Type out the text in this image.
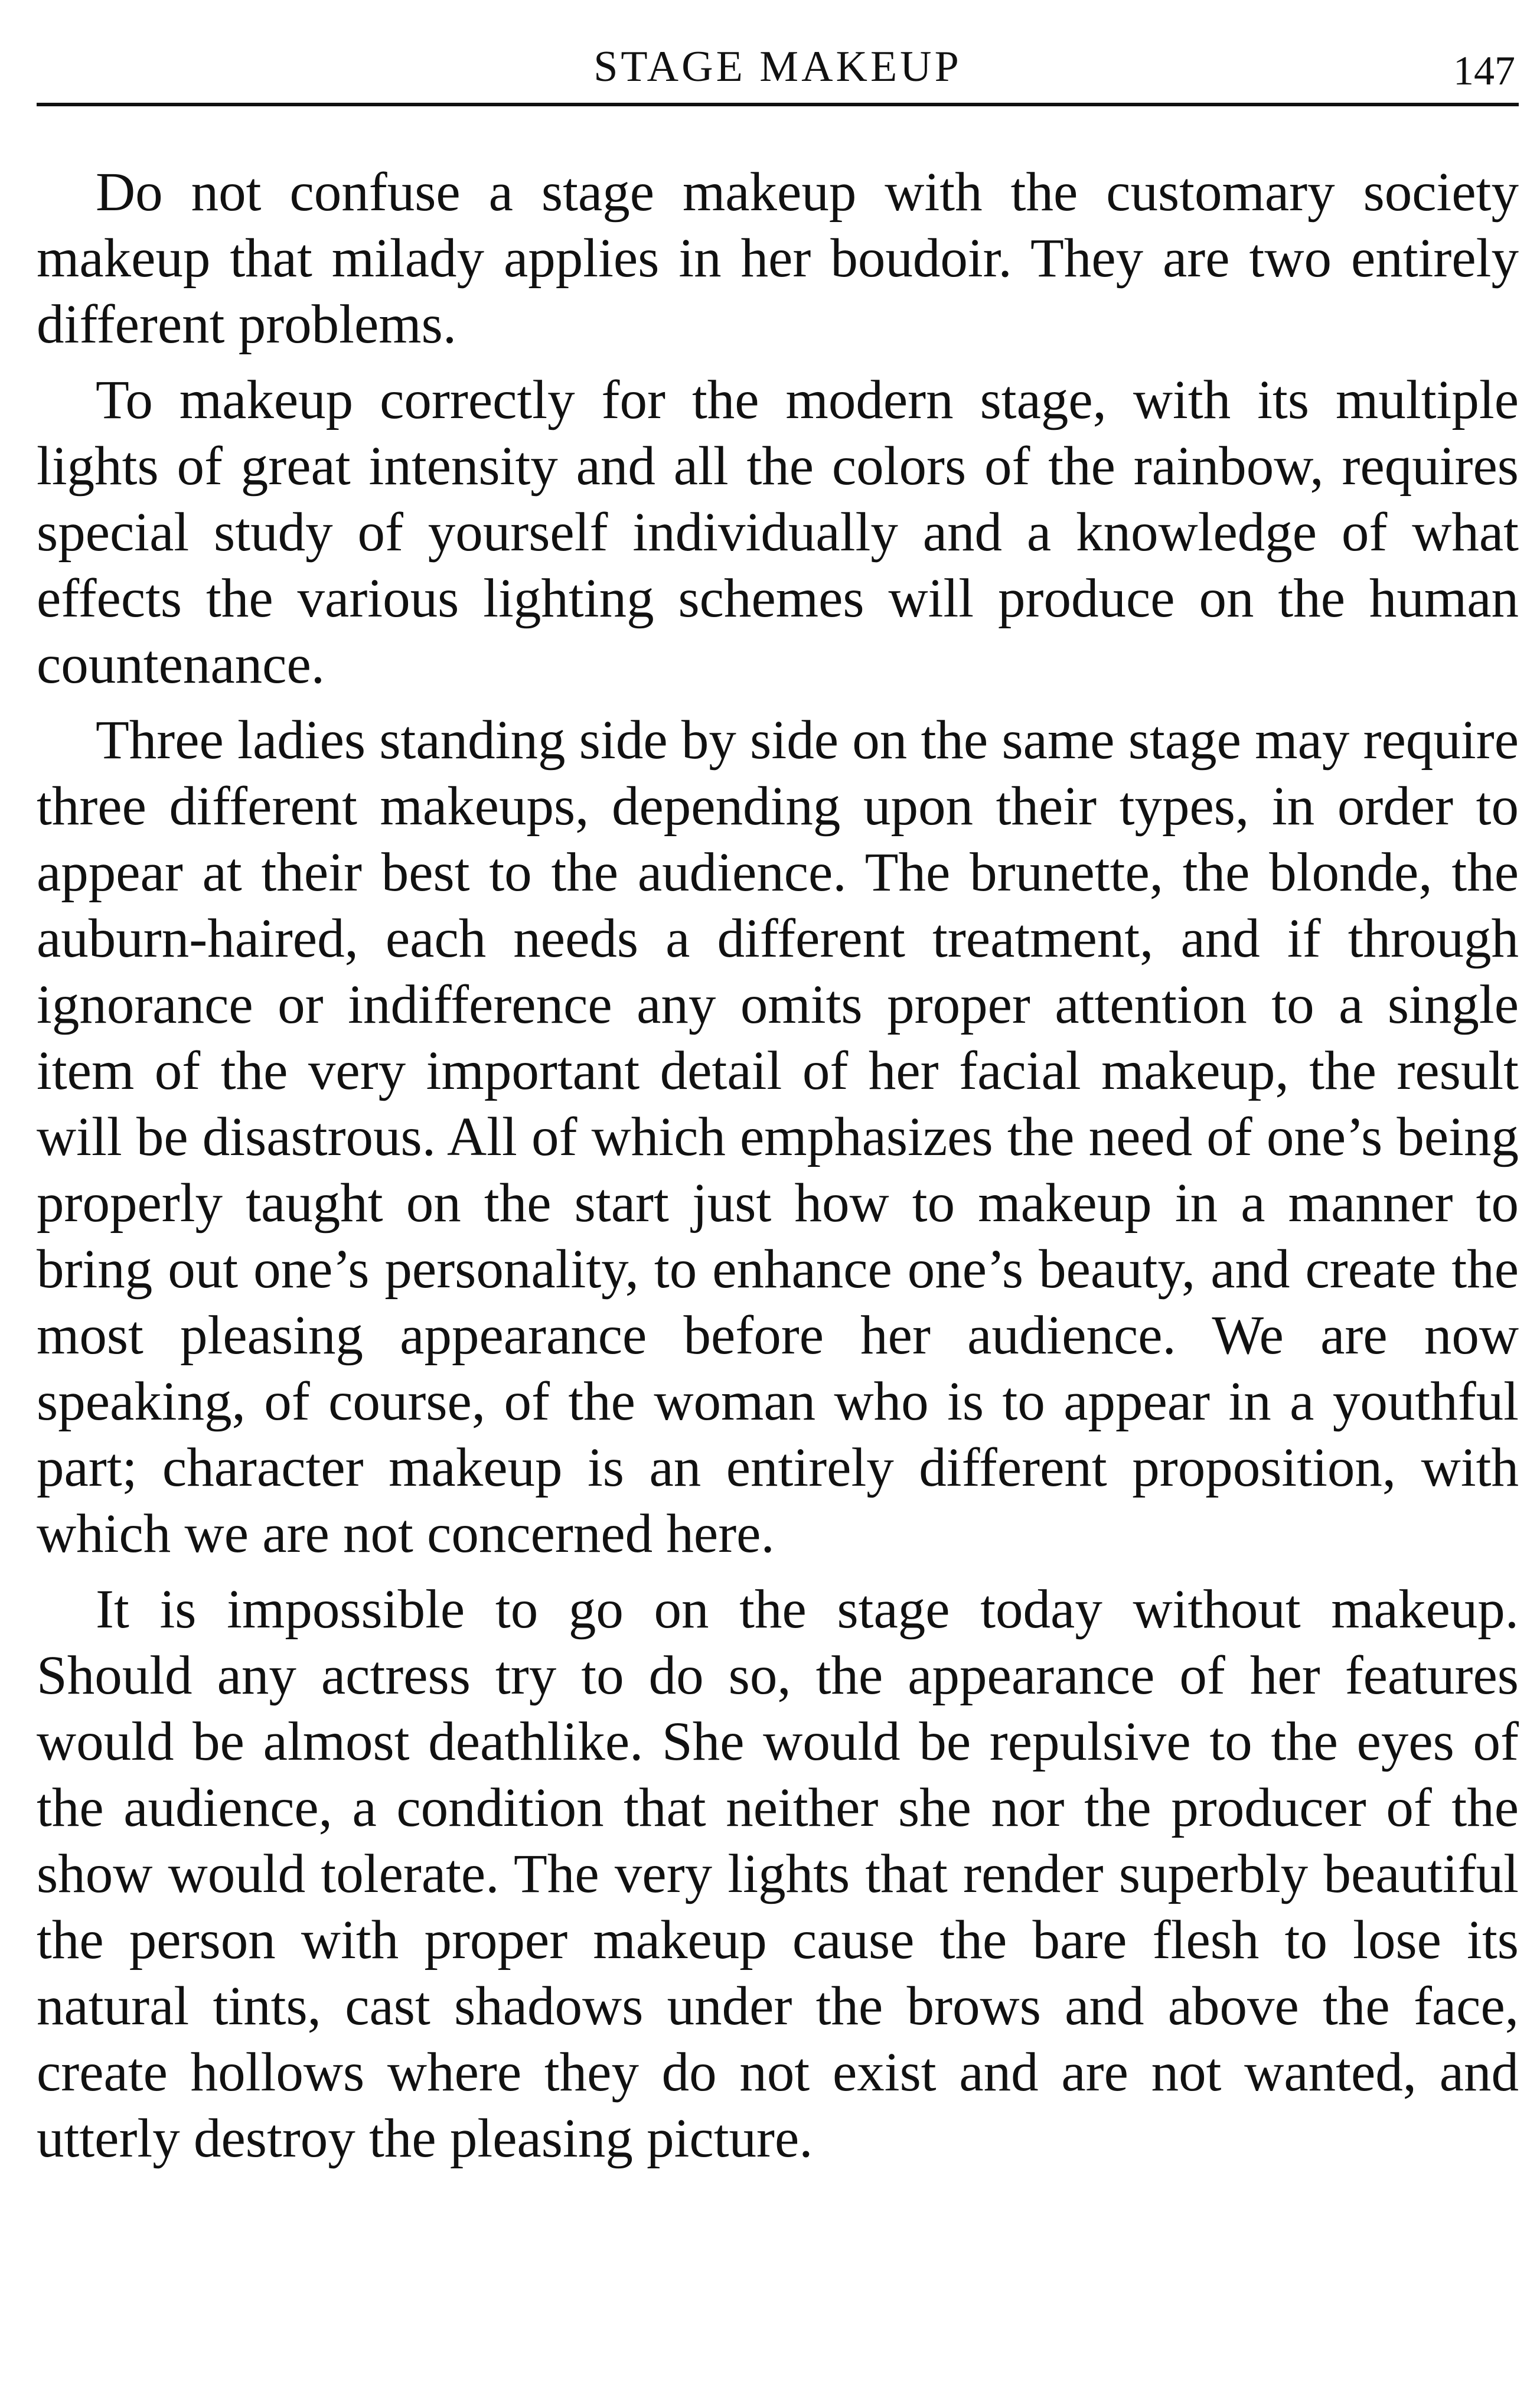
STAGE MAKEUP	147

Do not confuse a stage makeup with the customary society makeup that milady applies in her boudoir. They are two entirely different problems.

To makeup correctly for the modern stage, with its multiple lights of great intensity and all the colors of the rainbow, requires special study of yourself individually and a knowledge of what effects the various lighting schemes will produce on the human countenance.

Three ladies standing side by side on the same stage may require three different makeups, depending upon their types, in order to appear at their best to the audience. The brunette, the blonde, the auburn-haired, each needs a different treatment, and if through ignorance or indifference any omits proper attention to a single item of the very important detail of her facial makeup, the result will be disastrous. All of which emphasizes the need of one’s being properly taught on the start just how to makeup in a manner to bring out one’s personality, to enhance one’s beauty, and create the most pleasing appearance before her audience. We are now speaking, of course, of the woman who is to appear in a youthful part; character makeup is an entirely different proposition, with which we are not concerned here.

It is impossible to go on the stage today without makeup. Should any actress try to do so, the appearance of her features would be almost deathlike. She would be repulsive to the eyes of the audience, a condition that neither she nor the producer of the show would tolerate. The very lights that render superbly beautiful the person with proper makeup cause the bare flesh to lose its natural tints, cast shadows under the brows and above the face, create hollows where they do not exist and are not wanted, and utterly destroy the pleasing picture.
